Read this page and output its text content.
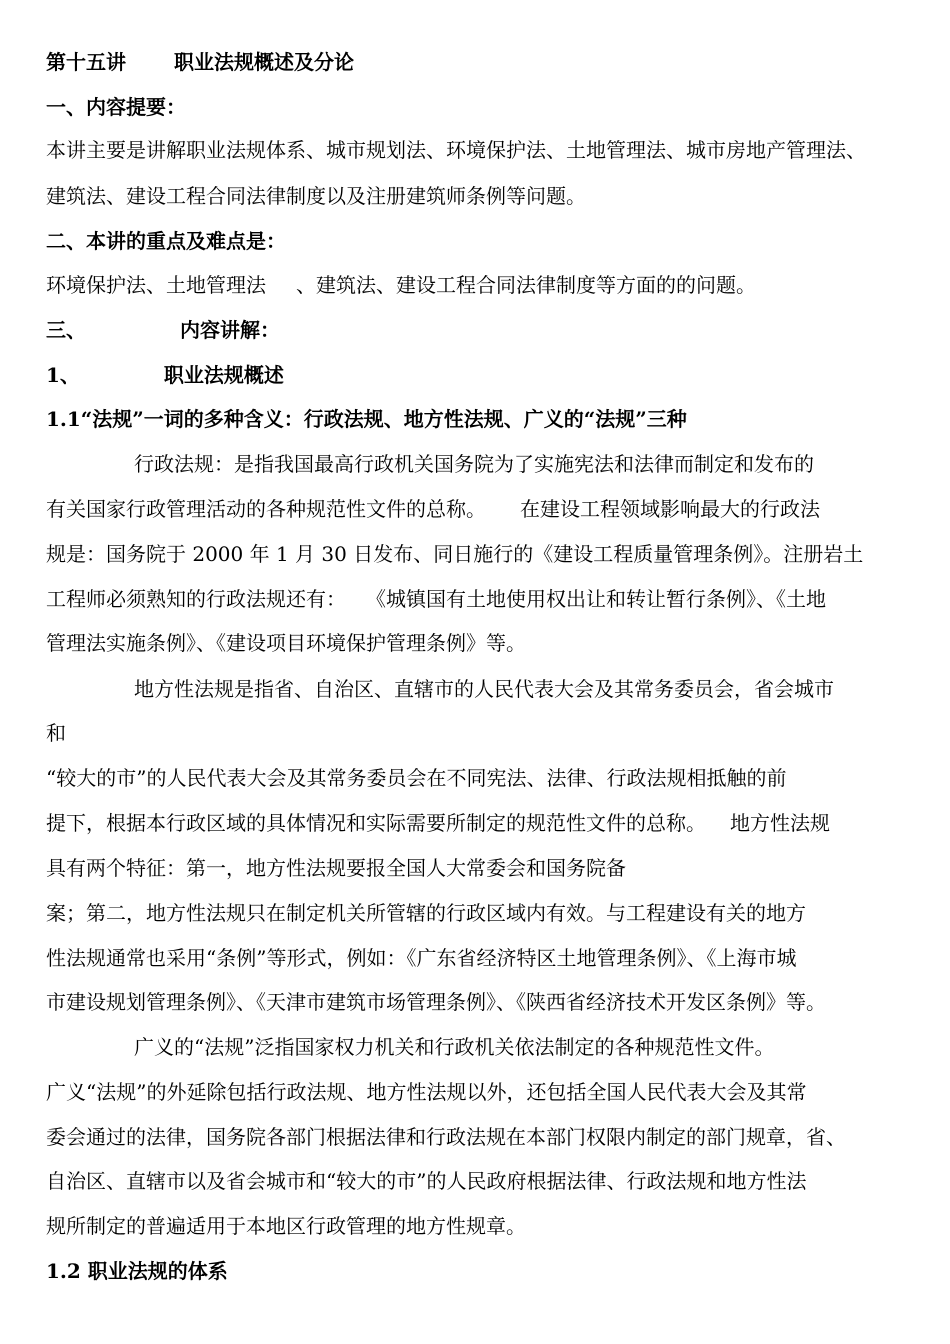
第十五讲 职业法规概述及分论
一、内容提要：
本讲主要是讲解职业法规体系、城市规划法、环境保护法、土地管理法、城市房地产管理法、
建筑法、建设工程合同法律制度以及注册建筑师条例等问题。
二、本讲的重点及难点是：
环境保护法、土地管理法 、建筑法、建设工程合同法律制度等方面的的问题。
三、	内容讲解：
1、	职业法规概述
1.1“法规”一词的多种含义：行政法规、地方性法规、广义的“法规”三种
行政法规：是指我国最高行政机关国务院为了实施宪法和法律而制定和发布的
有关国家行政管理活动的各种规范性文件的总称。 在建设工程领域影响最大的行政法
规是：国务院于 2000 年 1 月 30 日发布、同日施行的《建设工程质量管理条例》。注册岩土
工程师必须熟知的行政法规还有： 《城镇国有土地使用权出让和转让暂行条例》、《土地
管理法实施条例》、《建设项目环境保护管理条例》等。
地方性法规是指省、自治区、直辖市的人民代表大会及其常务委员会，省会城市
和
“较大的市”的人民代表大会及其常务委员会在不同宪法、法律、行政法规相抵触的前
提下，根据本行政区域的具体情况和实际需要所制定的规范性文件的总称。 地方性法规
具有两个特征：第一，地方性法规要报全国人大常委会和国务院备
案；第二，地方性法规只在制定机关所管辖的行政区域内有效。与工程建设有关的地方
性法规通常也采用“条例”等形式，例如：《广东省经济特区土地管理条例》、《上海市城
市建设规划管理条例》、《天津市建筑市场管理条例》、《陕西省经济技术开发区条例》等。
广义的“法规”泛指国家权力机关和行政机关依法制定的各种规范性文件。
广义“法规”的外延除包括行政法规、地方性法规以外，还包括全国人民代表大会及其常
委会通过的法律，国务院各部门根据法律和行政法规在本部门权限内制定的部门规章，省、
自治区、直辖市以及省会城市和“较大的市”的人民政府根据法律、行政法规和地方性法
规所制定的普遍适用于本地区行政管理的地方性规章。
1.2 职业法规的体系
